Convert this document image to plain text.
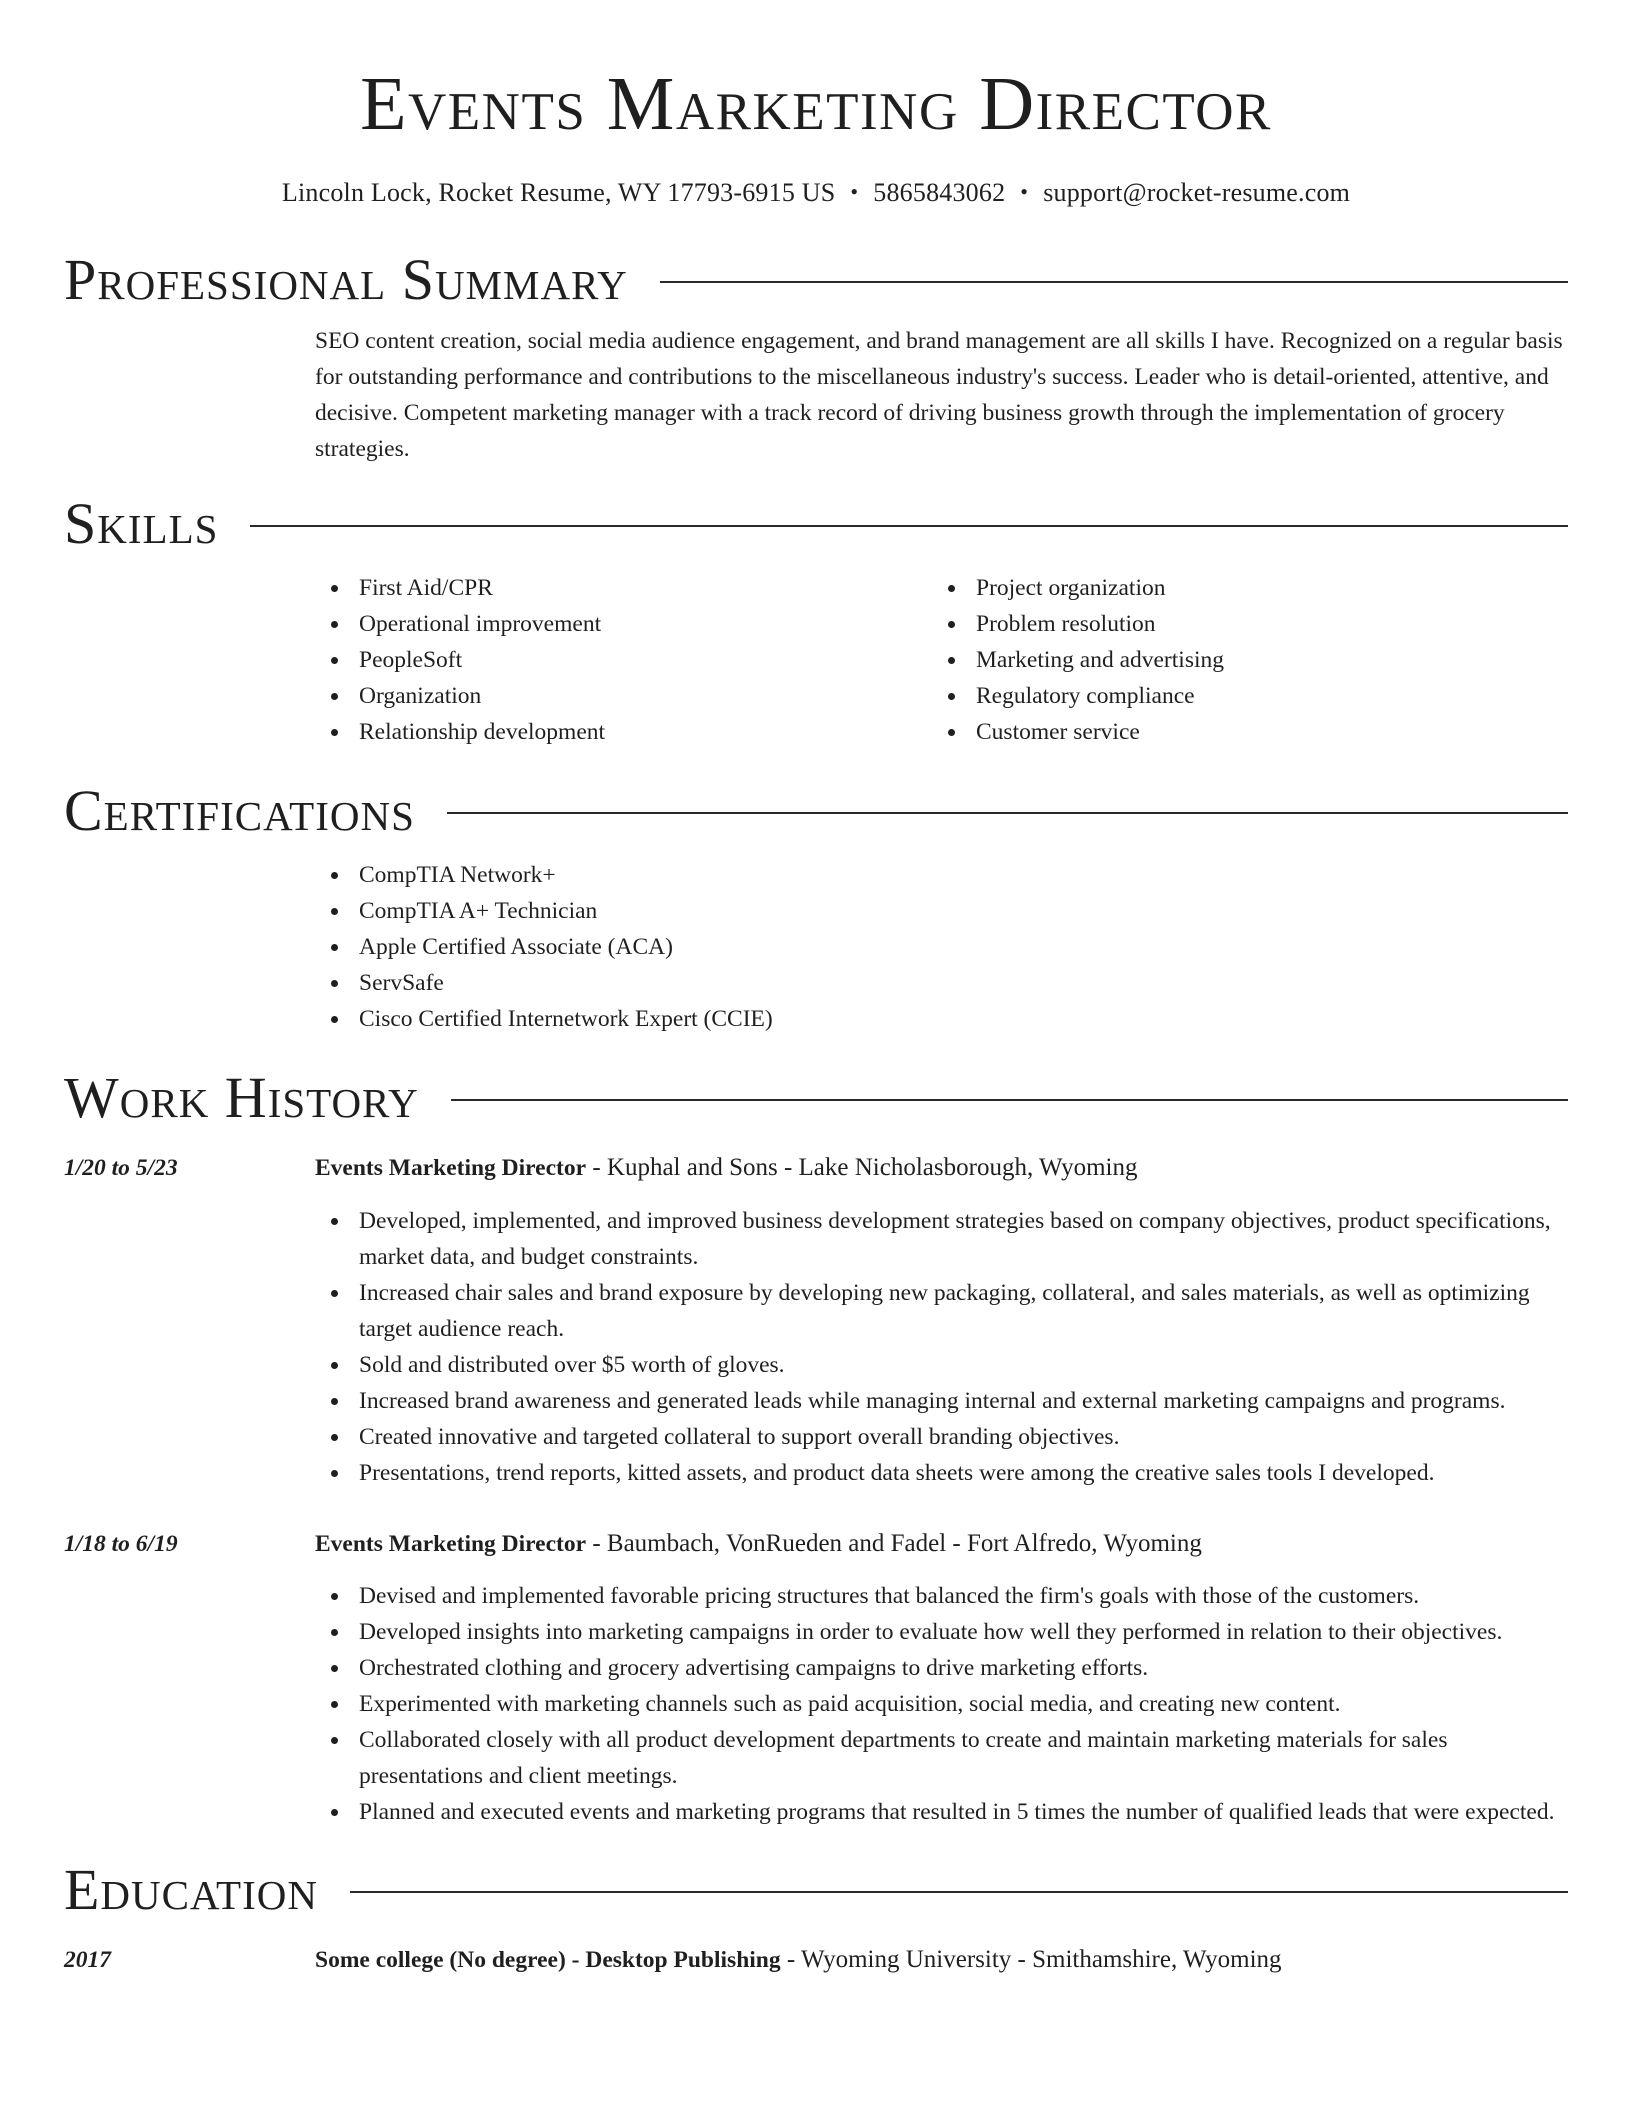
Events Marketing Director
Lincoln Lock, Rocket Resume, WY 17793-6915 US • 5865843062 • support@rocket-resume.com
Professional Summary

SEO content creation, social media audience engagement, and brand management are all skills I have. Recognized on a regular basis for outstanding performance and contributions to the miscellaneous industry's success. Leader who is detail-oriented, attentive, and decisive. Competent marketing manager with a track record of driving business growth through the implementation of grocery strategies.

Skills
First Aid/CPR
Operational improvement
PeopleSoft
Organization
Relationship development
Project organization
Problem resolution
Marketing and advertising
Regulatory compliance
Customer service
Certifications
CompTIA Network+
CompTIA A+ Technician
Apple Certified Associate (ACA)
ServSafe
Cisco Certified Internetwork Expert (CCIE)
Work History
1/20 to 5/23	Events Marketing Director - Kuphal and Sons - Lake Nicholasborough, Wyoming
Developed, implemented, and improved business development strategies based on company objectives, product specifications, market data, and budget constraints.
Increased chair sales and brand exposure by developing new packaging, collateral, and sales materials, as well as optimizing target audience reach.
Sold and distributed over $5 worth of gloves.
Increased brand awareness and generated leads while managing internal and external marketing campaigns and programs.
Created innovative and targeted collateral to support overall branding objectives.
Presentations, trend reports, kitted assets, and product data sheets were among the creative sales tools I developed.
1/18 to 6/19	Events Marketing Director - Baumbach, VonRueden and Fadel - Fort Alfredo, Wyoming
Devised and implemented favorable pricing structures that balanced the firm's goals with those of the customers.
Developed insights into marketing campaigns in order to evaluate how well they performed in relation to their objectives.
Orchestrated clothing and grocery advertising campaigns to drive marketing efforts.
Experimented with marketing channels such as paid acquisition, social media, and creating new content.
Collaborated closely with all product development departments to create and maintain marketing materials for sales presentations and client meetings.
Planned and executed events and marketing programs that resulted in 5 times the number of qualified leads that were expected.
Education
2017	Some college (No degree) - Desktop Publishing - Wyoming University - Smithamshire, Wyoming
